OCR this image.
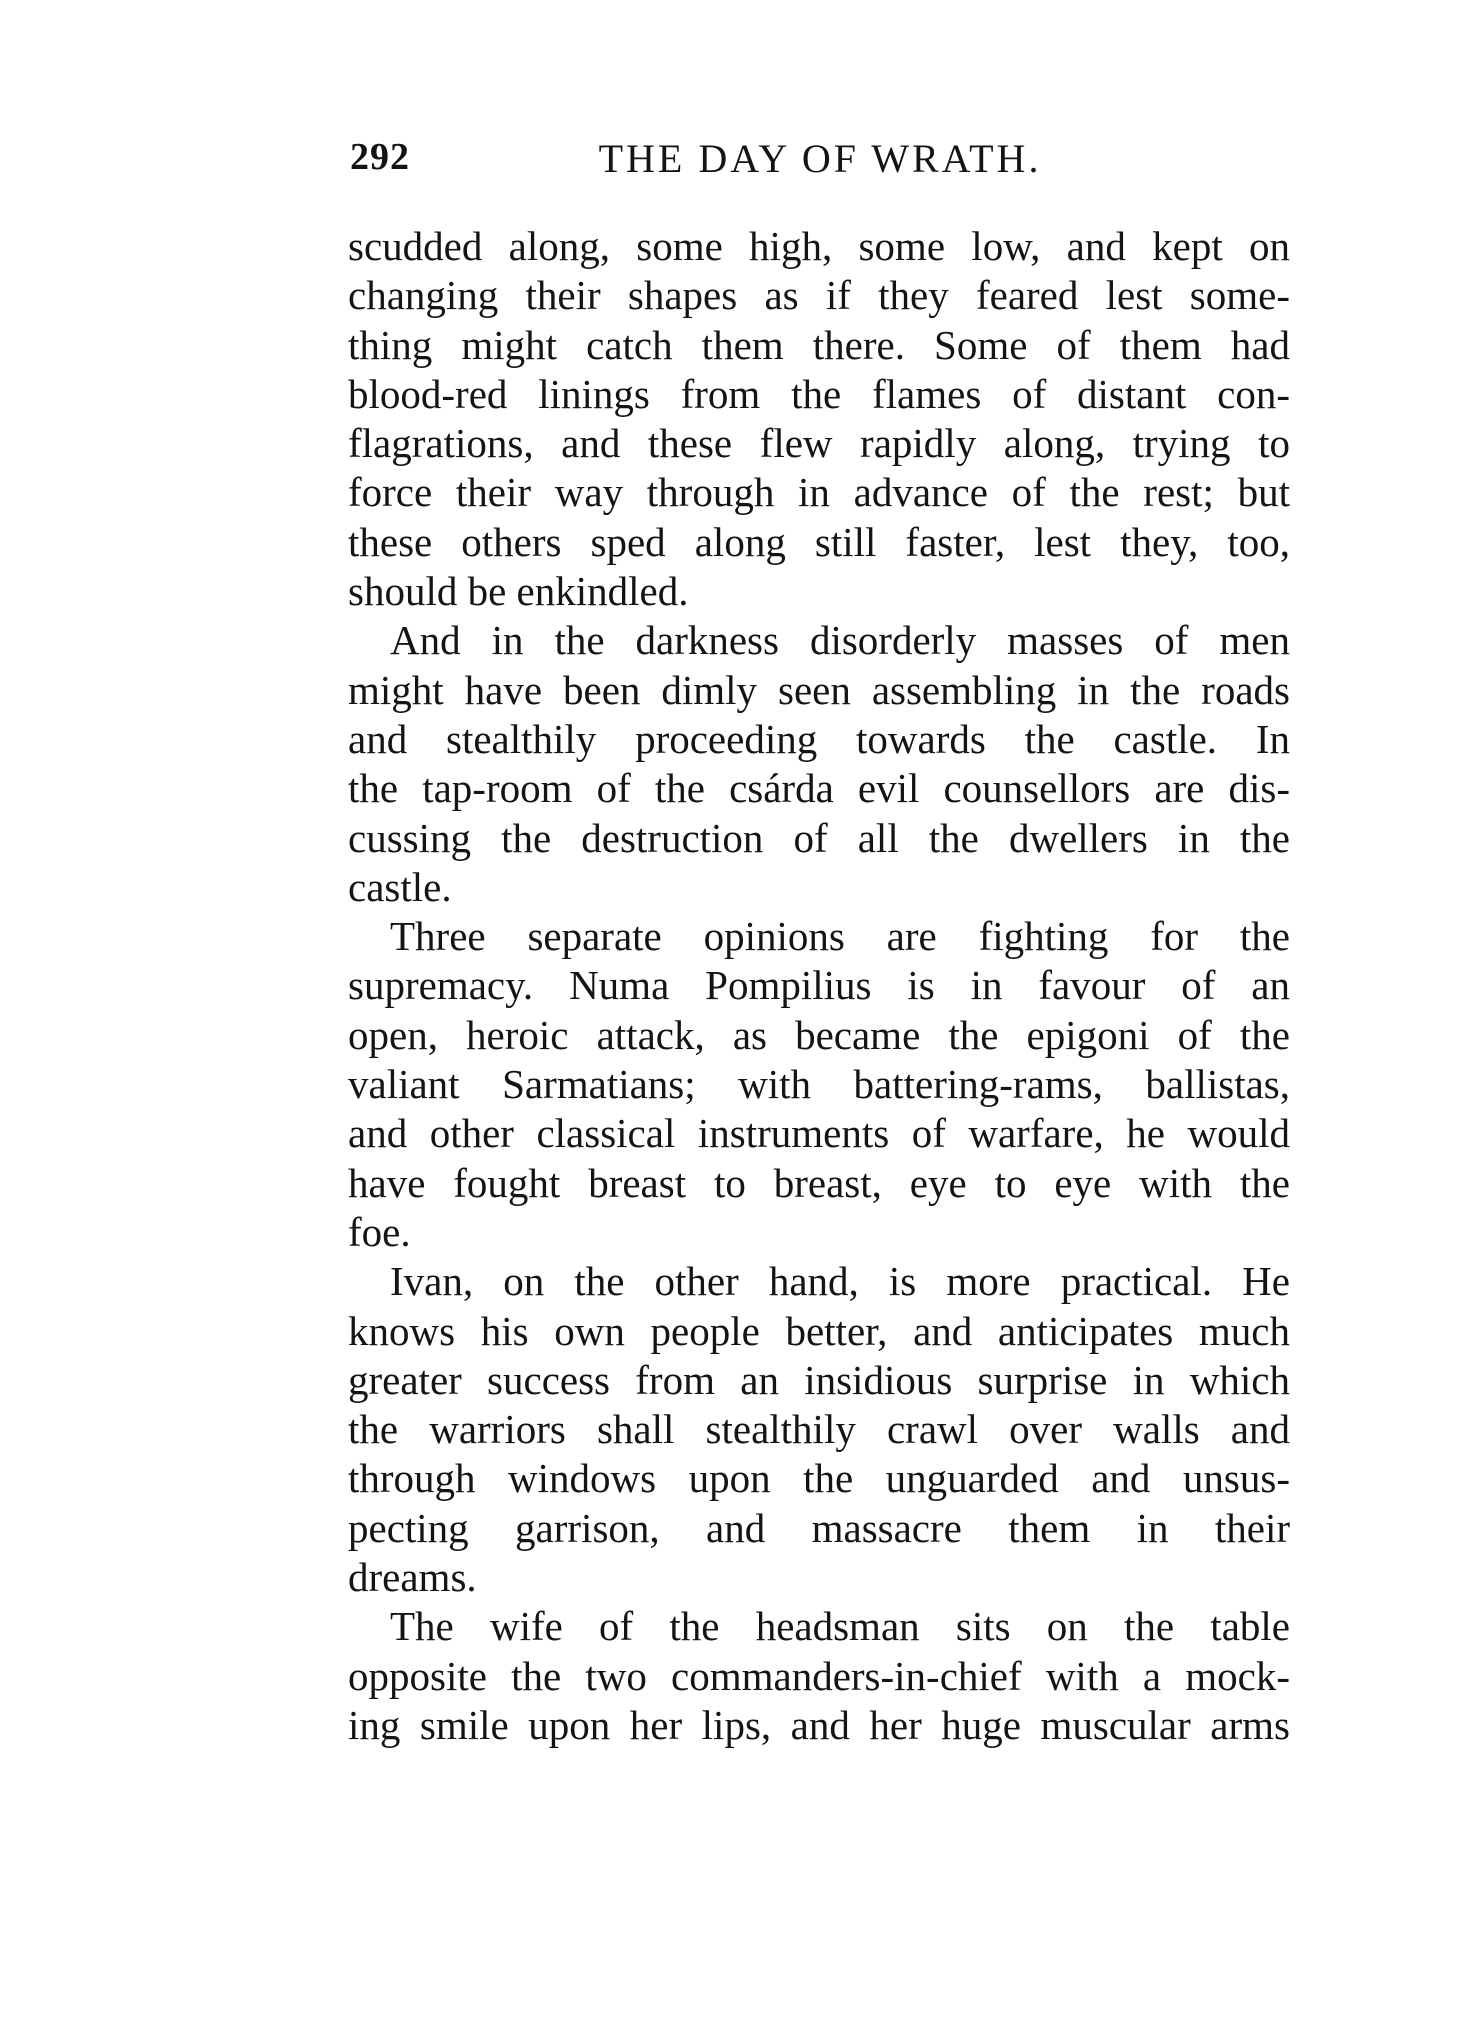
292	THE DAY OF WRATH.

scudded along, some high, some low, and kept on
changing their shapes as if they feared lest some-
thing might catch them there. Some of them had
blood-red linings from the flames of distant con-
flagrations, and these flew rapidly along, trying to
force their way through in advance of the rest; but
these others sped along still faster, lest they, too,
should be enkindled.

And in the darkness disorderly masses of men
might have been dimly seen assembling in the roads
and stealthily proceeding towards the castle. In
the tap-room of the csárda evil counsellors are dis-
cussing the destruction of all the dwellers in the
castle.

Three separate opinions are fighting for the
supremacy. Numa Pompilius is in favour of an
open, heroic attack, as became the epigoni of the
valiant Sarmatians; with battering-rams, ballistas,
and other classical instruments of warfare, he would
have fought breast to breast, eye to eye with the
foe.

Ivan, on the other hand, is more practical. He
knows his own people better, and anticipates much
greater success from an insidious surprise in which
the warriors shall stealthily crawl over walls and
through windows upon the unguarded and unsus-
pecting garrison, and massacre them in their
dreams.

The wife of the headsman sits on the table
opposite the two commanders-in-chief with a mock-
ing smile upon her lips, and her huge muscular arms
